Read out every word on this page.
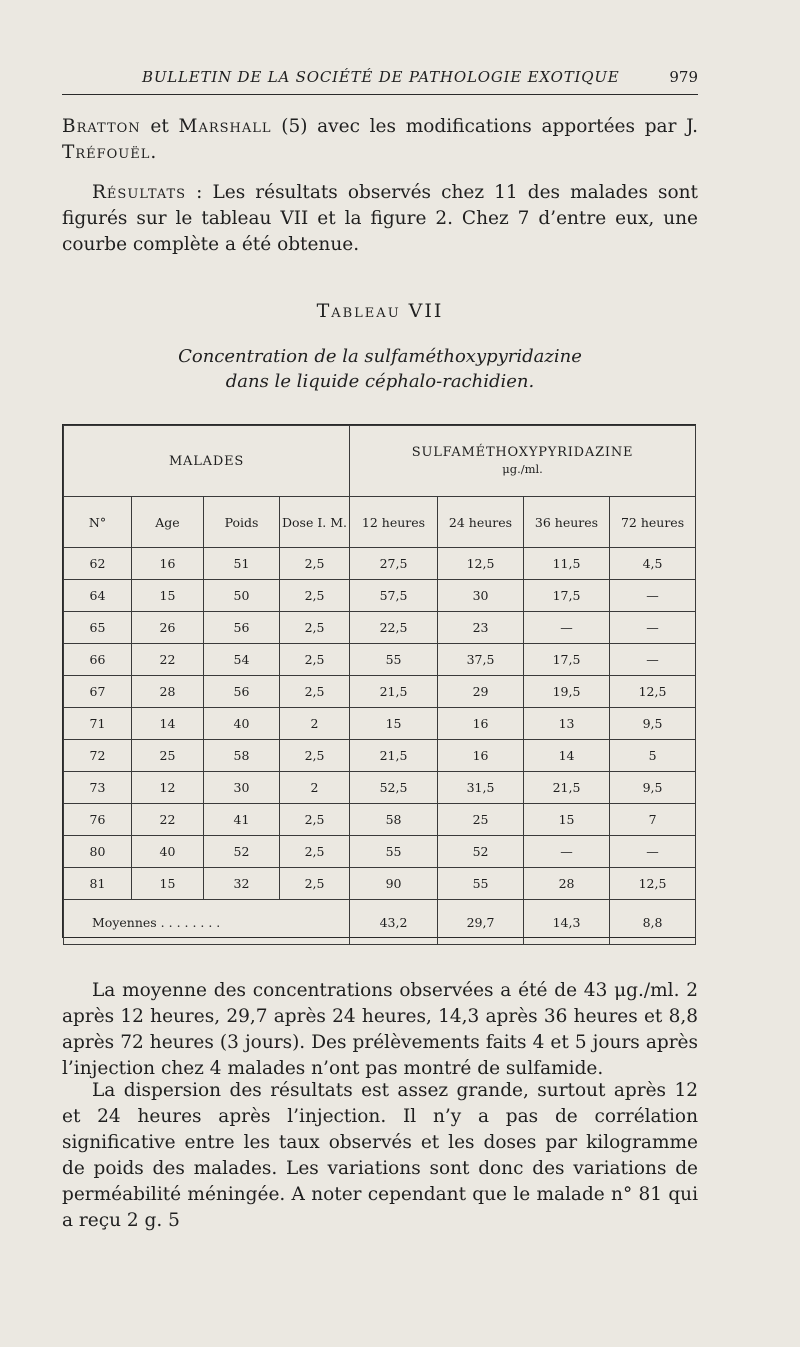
BULLETIN DE LA SOCIÉTÉ DE PATHOLOGIE EXOTIQUE	979

Bratton et Marshall (5) avec les modifications apportées par J. Tréfouël.

Résultats : Les résultats observés chez 11 des malades sont figurés sur le tableau VII et la figure 2. Chez 7 d’entre eux, une courbe complète a été obtenue.

Tableau VII
Concentration de la sulfaméthoxypyridazine
dans le liquide céphalo-rachidien.
MALADES				SULFAMÉTHOXYPYRIDAZINE
μg./ml.			

N°	Age	Poids	Dose I. M.	12 heures	24 heures	36 heures	72 heures
62	16	51	2,5	27,5	12,5	11,5	4,5
64	15	50	2,5	57,5	30	17,5	—
65	26	56	2,5	22,5	23	—	—
66	22	54	2,5	55	37,5	17,5	—
67	28	56	2,5	21,5	29	19,5	12,5
71	14	40	2	15	16	13	9,5
72	25	58	2,5	21,5	16	14	5
73	12	30	2	52,5	31,5	21,5	9,5
76	22	41	2,5	58	25	15	7
80	40	52	2,5	55	52	—	—
81	15	32	2,5	90	55	28	12,5
Moyennes . . . . . . . .				43,2	29,7	14,3	8,8

La moyenne des concentrations observées a été de 43 μg./ml. 2 après 12 heures, 29,7 après 24 heures, 14,3 après 36 heures et 8,8 après 72 heures (3 jours). Des prélèvements faits 4 et 5 jours après l’injection chez 4 malades n’ont pas montré de sulfamide.

La dispersion des résultats est assez grande, surtout après 12 et 24 heures après l’injection. Il n’y a pas de corrélation significative entre les taux observés et les doses par kilogramme de poids des malades. Les variations sont donc des variations de perméabilité méningée. A noter cependant que le malade n° 81 qui a reçu 2 g. 5
